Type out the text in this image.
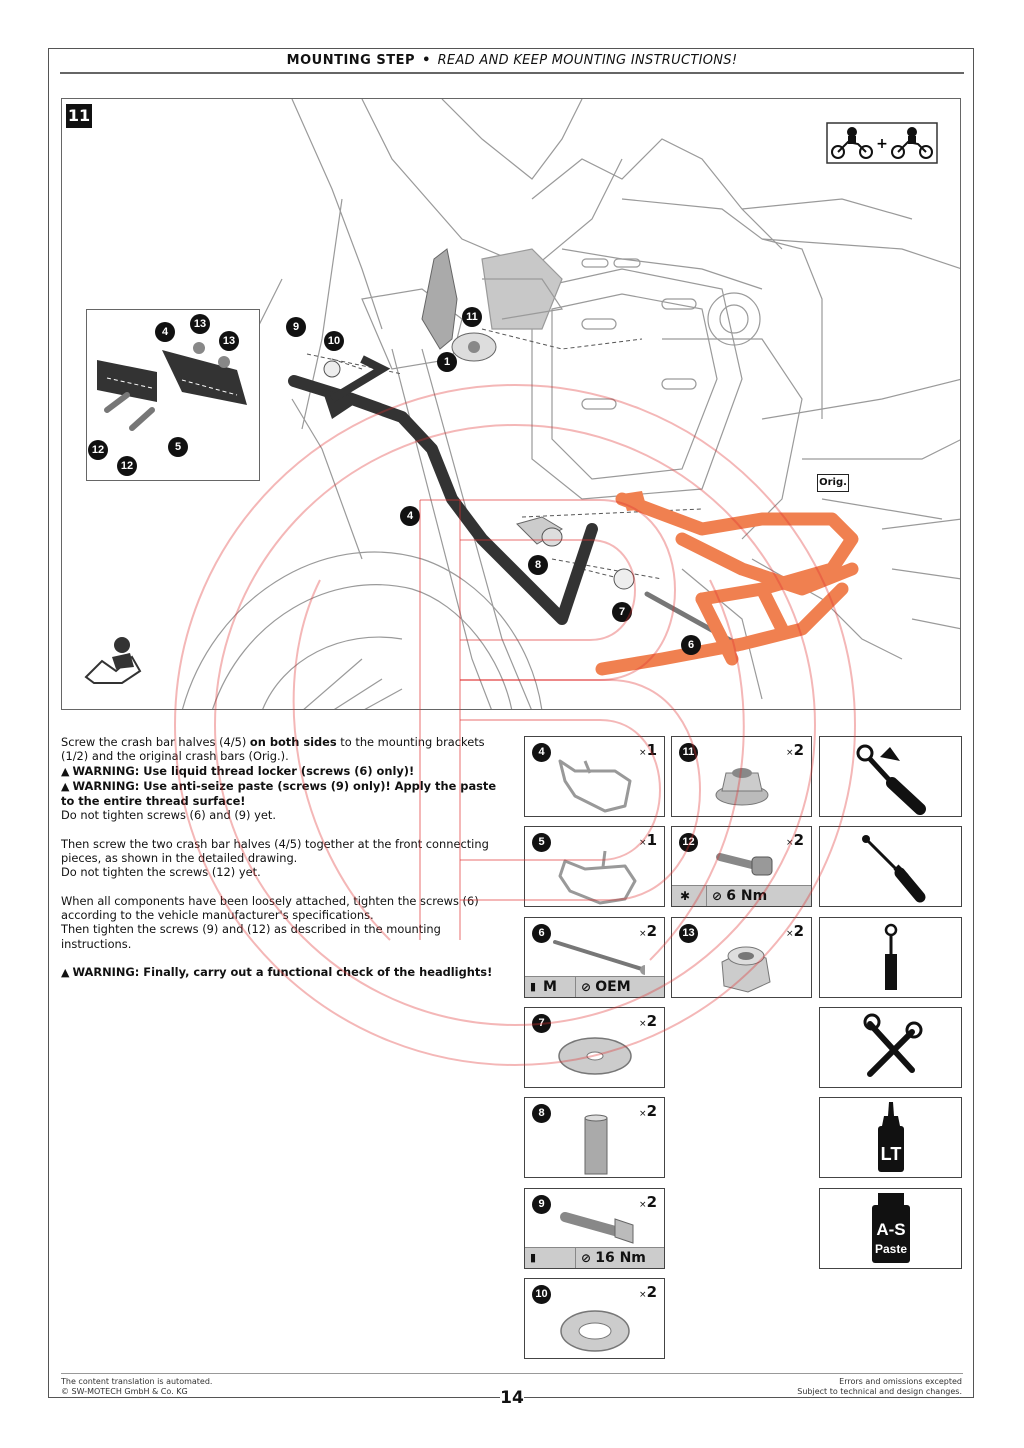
MOUNTING STEP • READ AND KEEP MOUNTING INSTRUCTIONS!
11
+
4
13
13
12
12
5
9
10
11
1
4
8
7
6
Orig.

Screw the crash bar halves (4/5) on both sides to the mounting brackets (1/2) and the original crash bars (Orig.).
▲ WARNING: Use liquid thread locker (screws (6) only)!
▲ WARNING: Use anti-seize paste (screws (9) only)! Apply the paste to the entire thread surface!
Do not tighten screws (6) and (9) yet.

Then screw the two crash bar halves (4/5) together at the front connecting pieces, as shown in the detailed drawing.
Do not tighten the screws (12) yet.

When all components have been loosely attached, tighten the screws (6) according to the vehicle manufacturer's specifications.
Then tighten the screws (9) and (12) as described in the mounting instructions.

▲ WARNING: Finally, carry out a functional check of the headlights!

4	×1
5	×1
6	×2
M
▮	⊘ OEM
7	×2
8	×2
9	×2
▮	⊘ 16 Nm
10	×2
11	×2
12	×2
✱ ⊘ 6 Nm
13	×2
LT
A-S
Paste
The content translation is automated.
© SW-MOTECH GmbH & Co. KG
Errors and omissions excepted
Subject to technical and design changes.
14
